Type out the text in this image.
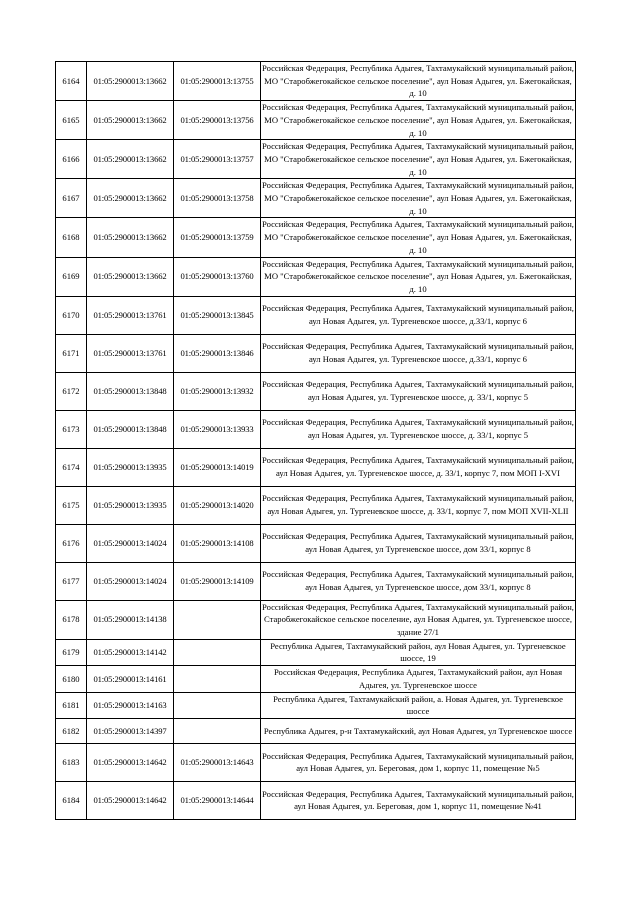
6164	01:05:2900013:13662	01:05:2900013:13755	Российская Федерация, Республика Адыгея, Тахтамукайский муниципальный район, МО "Старобжегокайское сельское поселение", аул Новая Адыгея, ул. Бжегокайская, д. 10
6165	01:05:2900013:13662	01:05:2900013:13756	Российская Федерация, Республика Адыгея, Тахтамукайский муниципальный район, МО "Старобжегокайское сельское поселение", аул Новая Адыгея, ул. Бжегокайская, д. 10
6166	01:05:2900013:13662	01:05:2900013:13757	Российская Федерация, Республика Адыгея, Тахтамукайский муниципальный район, МО "Старобжегокайское сельское поселение", аул Новая Адыгея, ул. Бжегокайская, д. 10
6167	01:05:2900013:13662	01:05:2900013:13758	Российская Федерация, Республика Адыгея, Тахтамукайский муниципальный район, МО "Старобжегокайское сельское поселение", аул Новая Адыгея, ул. Бжегокайская, д. 10
6168	01:05:2900013:13662	01:05:2900013:13759	Российская Федерация, Республика Адыгея, Тахтамукайский муниципальный район, МО "Старобжегокайское сельское поселение", аул Новая Адыгея, ул. Бжегокайская, д. 10
6169	01:05:2900013:13662	01:05:2900013:13760	Российская Федерация, Республика Адыгея, Тахтамукайский муниципальный район, МО "Старобжегокайское сельское поселение", аул Новая Адыгея, ул. Бжегокайская, д. 10
6170	01:05:2900013:13761	01:05:2900013:13845	Российская Федерация, Республика Адыгея, Тахтамукайский муниципальный район, аул Новая Адыгея, ул. Тургеневское шоссе, д.33/1, корпус 6
6171	01:05:2900013:13761	01:05:2900013:13846	Российская Федерация, Республика Адыгея, Тахтамукайский муниципальный район, аул Новая Адыгея, ул. Тургеневское шоссе, д.33/1, корпус 6
6172	01:05:2900013:13848	01:05:2900013:13932	Российская Федерация, Республика Адыгея, Тахтамукайский муниципальный район, аул Новая Адыгея, ул. Тургеневское шоссе, д. 33/1, корпус 5
6173	01:05:2900013:13848	01:05:2900013:13933	Российская Федерация, Республика Адыгея, Тахтамукайский муниципальный район, аул Новая Адыгея, ул. Тургеневское шоссе, д. 33/1, корпус 5
6174	01:05:2900013:13935	01:05:2900013:14019	Российская Федерация, Республика Адыгея, Тахтамукайский муниципальный район, аул Новая Адыгея, ул. Тургеневское шоссе, д. 33/1, корпус 7, пом МОП I-XVI
6175	01:05:2900013:13935	01:05:2900013:14020	Российская Федерация, Республика Адыгея, Тахтамукайский муниципальный район, аул Новая Адыгея, ул. Тургеневское шоссе, д. 33/1, корпус 7, пом МОП XVII-XLII
6176	01:05:2900013:14024	01:05:2900013:14108	Российская Федерация, Республика Адыгея, Тахтамукайский муниципальный район, аул Новая Адыгея, ул Тургеневское шоссе, дом 33/1, корпус 8
6177	01:05:2900013:14024	01:05:2900013:14109	Российская Федерация, Республика Адыгея, Тахтамукайский муниципальный район, аул Новая Адыгея, ул Тургеневское шоссе, дом 33/1, корпус 8
6178	01:05:2900013:14138		Российская Федерация, Республика Адыгея, Тахтамукайский муниципальный район, Старобжегокайское сельское поселение, аул Новая Адыгея, ул. Тургеневское шоссе, здание 27/1
6179	01:05:2900013:14142		Республика Адыгея, Тахтамукайский район, аул Новая Адыгея, ул. Тургеневское шоссе, 19
6180	01:05:2900013:14161		Российская Федерация, Республика Адыгея, Тахтамукайский район, аул Новая Адыгея, ул. Тургеневское шоссе
6181	01:05:2900013:14163		Республика Адыгея, Тахтамукайский район, а. Новая Адыгея, ул. Тургеневское шоссе
6182	01:05:2900013:14397		Республика Адыгея, р-н Тахтамукайский, аул Новая Адыгея, ул Тургеневское шоссе
6183	01:05:2900013:14642	01:05:2900013:14643	Российская Федерация, Республика Адыгея, Тахтамукайский муниципальный район, аул Новая Адыгея, ул. Береговая, дом 1, корпус 11, помещение №5
6184	01:05:2900013:14642	01:05:2900013:14644	Российская Федерация, Республика Адыгея, Тахтамукайский муниципальный район, аул Новая Адыгея, ул. Береговая, дом 1, корпус 11, помещение №41
